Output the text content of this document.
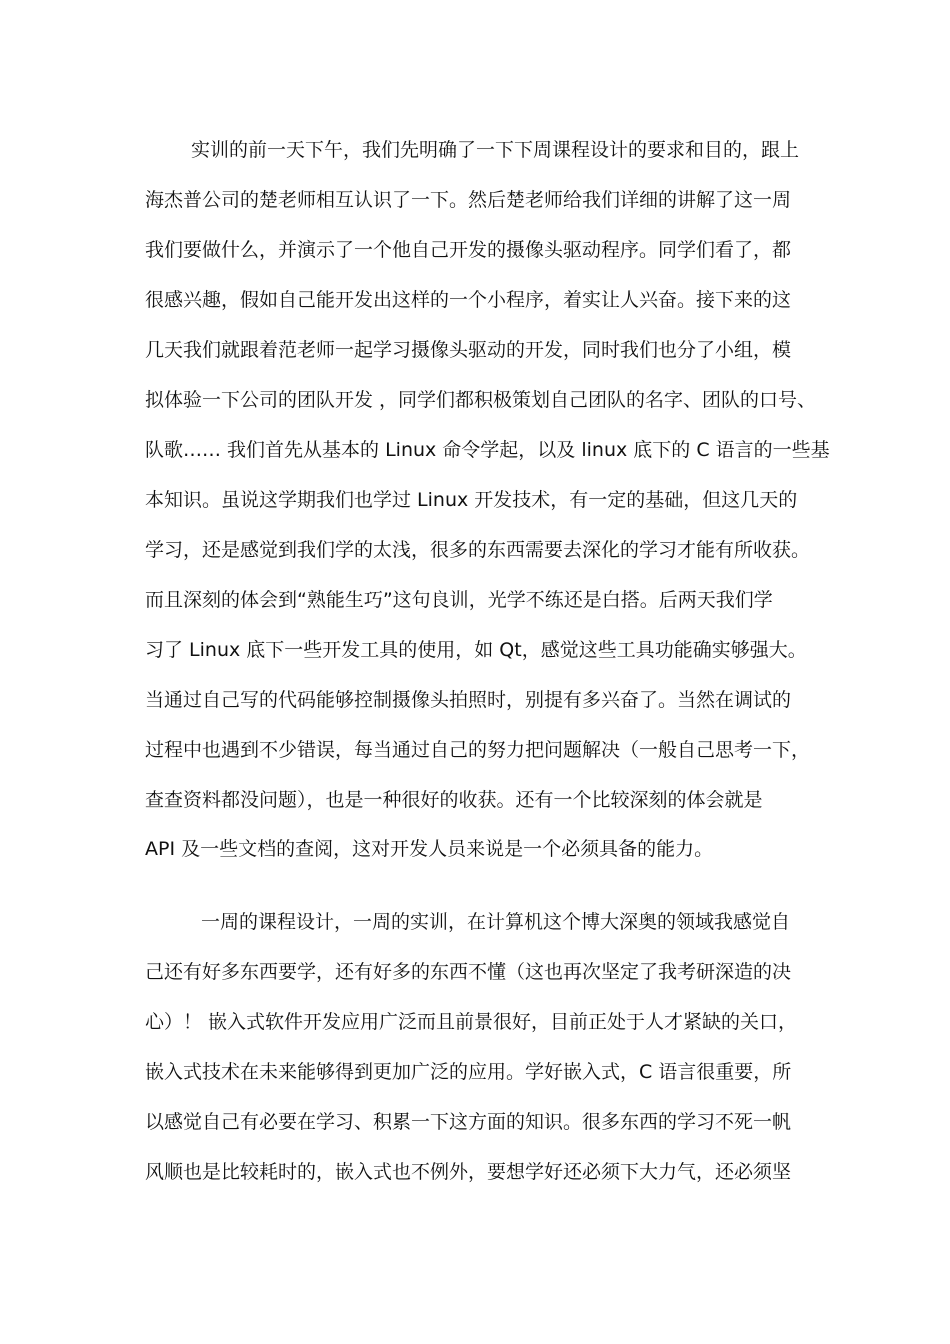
实训的前一天下午，我们先明确了一下下周课程设计的要求和目的，跟上
海杰普公司的楚老师相互认识了一下。然后楚老师给我们详细的讲解了这一周
我们要做什么，并演示了一个他自己开发的摄像头驱动程序。同学们看了，都
很感兴趣，假如自己能开发出这样的一个小程序，着实让人兴奋。接下来的这
几天我们就跟着范老师一起学习摄像头驱动的开发，同时我们也分了小组，模
拟体验一下公司的团队开发 ，同学们都积极策划自己团队的名字、团队的口号、
队歌…… 我们首先从基本的 Linux 命令学起，以及 linux 底下的 C 语言的一些基
本知识。虽说这学期我们也学过 Linux 开发技术，有一定的基础，但这几天的
学习，还是感觉到我们学的太浅，很多的东西需要去深化的学习才能有所收获。
而且深刻的体会到“熟能生巧”这句良训，光学不练还是白搭。后两天我们学
习了 Linux 底下一些开发工具的使用，如 Qt，感觉这些工具功能确实够强大。
当通过自己写的代码能够控制摄像头拍照时，别提有多兴奋了。当然在调试的
过程中也遇到不少错误，每当通过自己的努力把问题解决（一般自己思考一下，
查查资料都没问题），也是一种很好的收获。还有一个比较深刻的体会就是
API 及一些文档的查阅，这对开发人员来说是一个必须具备的能力。
一周的课程设计，一周的实训，在计算机这个博大深奥的领域我感觉自
己还有好多东西要学，还有好多的东西不懂（这也再次坚定了我考研深造的决
心）！ 嵌入式软件开发应用广泛而且前景很好，目前正处于人才紧缺的关口，
嵌入式技术在未来能够得到更加广泛的应用。学好嵌入式，C 语言很重要，所
以感觉自己有必要在学习、积累一下这方面的知识。很多东西的学习不死一帆
风顺也是比较耗时的，嵌入式也不例外，要想学好还必须下大力气，还必须坚
